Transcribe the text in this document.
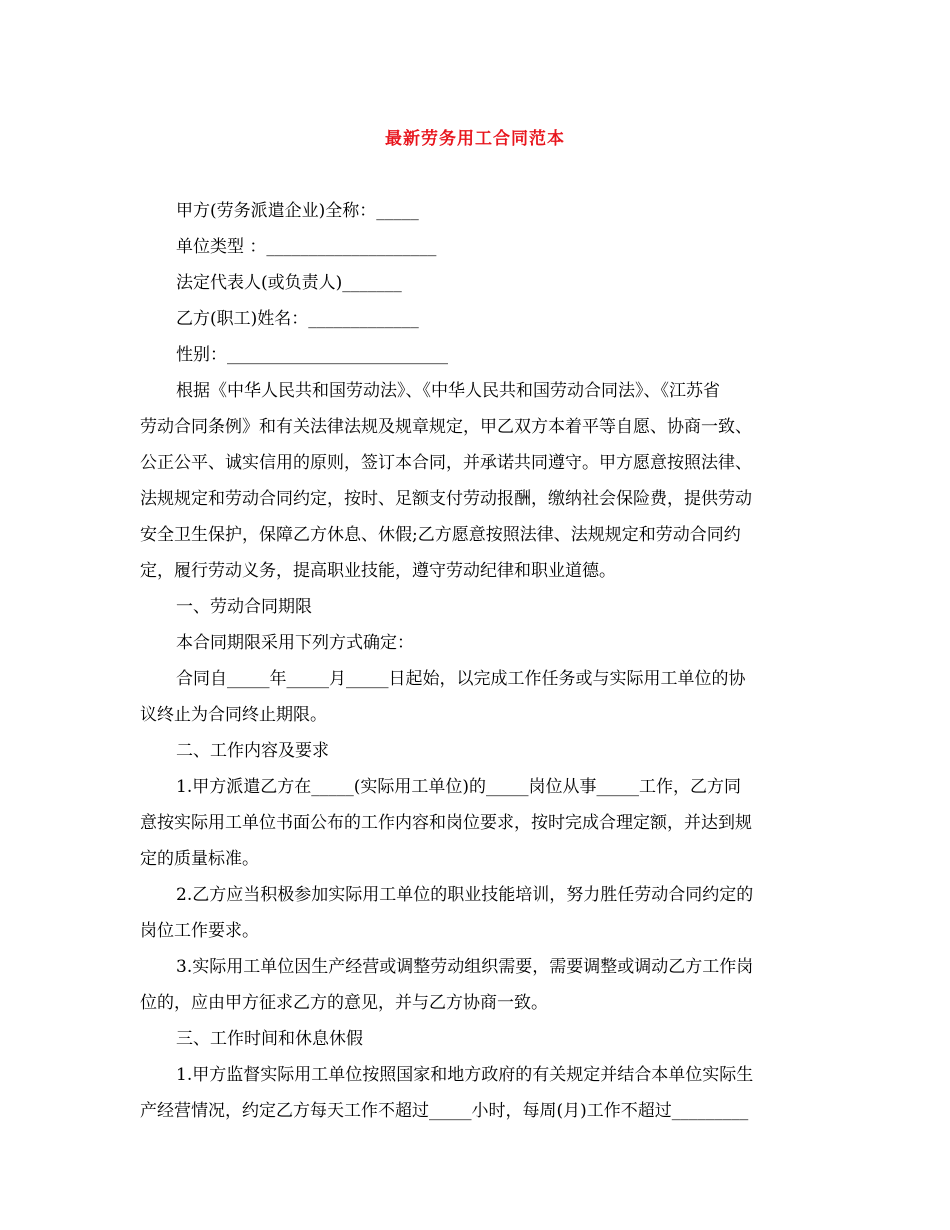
最新劳务用工合同范本
甲方(劳务派遣企业)全称：_____
单位类型 ：____________________
法定代表人(或负责人)_______
乙方(职工)姓名：_____________
性别：__________________________
根据《中华人民共和国劳动法》、《中华人民共和国劳动合同法》、《江苏省
劳动合同条例》和有关法律法规及规章规定，甲乙双方本着平等自愿、协商一致、
公正公平、诚实信用的原则，签订本合同，并承诺共同遵守。甲方愿意按照法律、
法规规定和劳动合同约定，按时、足额支付劳动报酬，缴纳社会保险费，提供劳动
安全卫生保护，保障乙方休息、休假;乙方愿意按照法律、法规规定和劳动合同约
定，履行劳动义务，提高职业技能，遵守劳动纪律和职业道德。
一、劳动合同期限
本合同期限采用下列方式确定：
合同自_____年_____月_____日起始，以完成工作任务或与实际用工单位的协
议终止为合同终止期限。
二、工作内容及要求
1.甲方派遣乙方在_____(实际用工单位)的_____岗位从事_____工作，乙方同
意按实际用工单位书面公布的工作内容和岗位要求，按时完成合理定额，并达到规
定的质量标准。
2.乙方应当积极参加实际用工单位的职业技能培训，努力胜任劳动合同约定的
岗位工作要求。
3.实际用工单位因生产经营或调整劳动组织需要，需要调整或调动乙方工作岗
位的，应由甲方征求乙方的意见，并与乙方协商一致。
三、工作时间和休息休假
1.甲方监督实际用工单位按照国家和地方政府的有关规定并结合本单位实际生
产经营情况，约定乙方每天工作不超过_____小时，每周(月)工作不超过_________
